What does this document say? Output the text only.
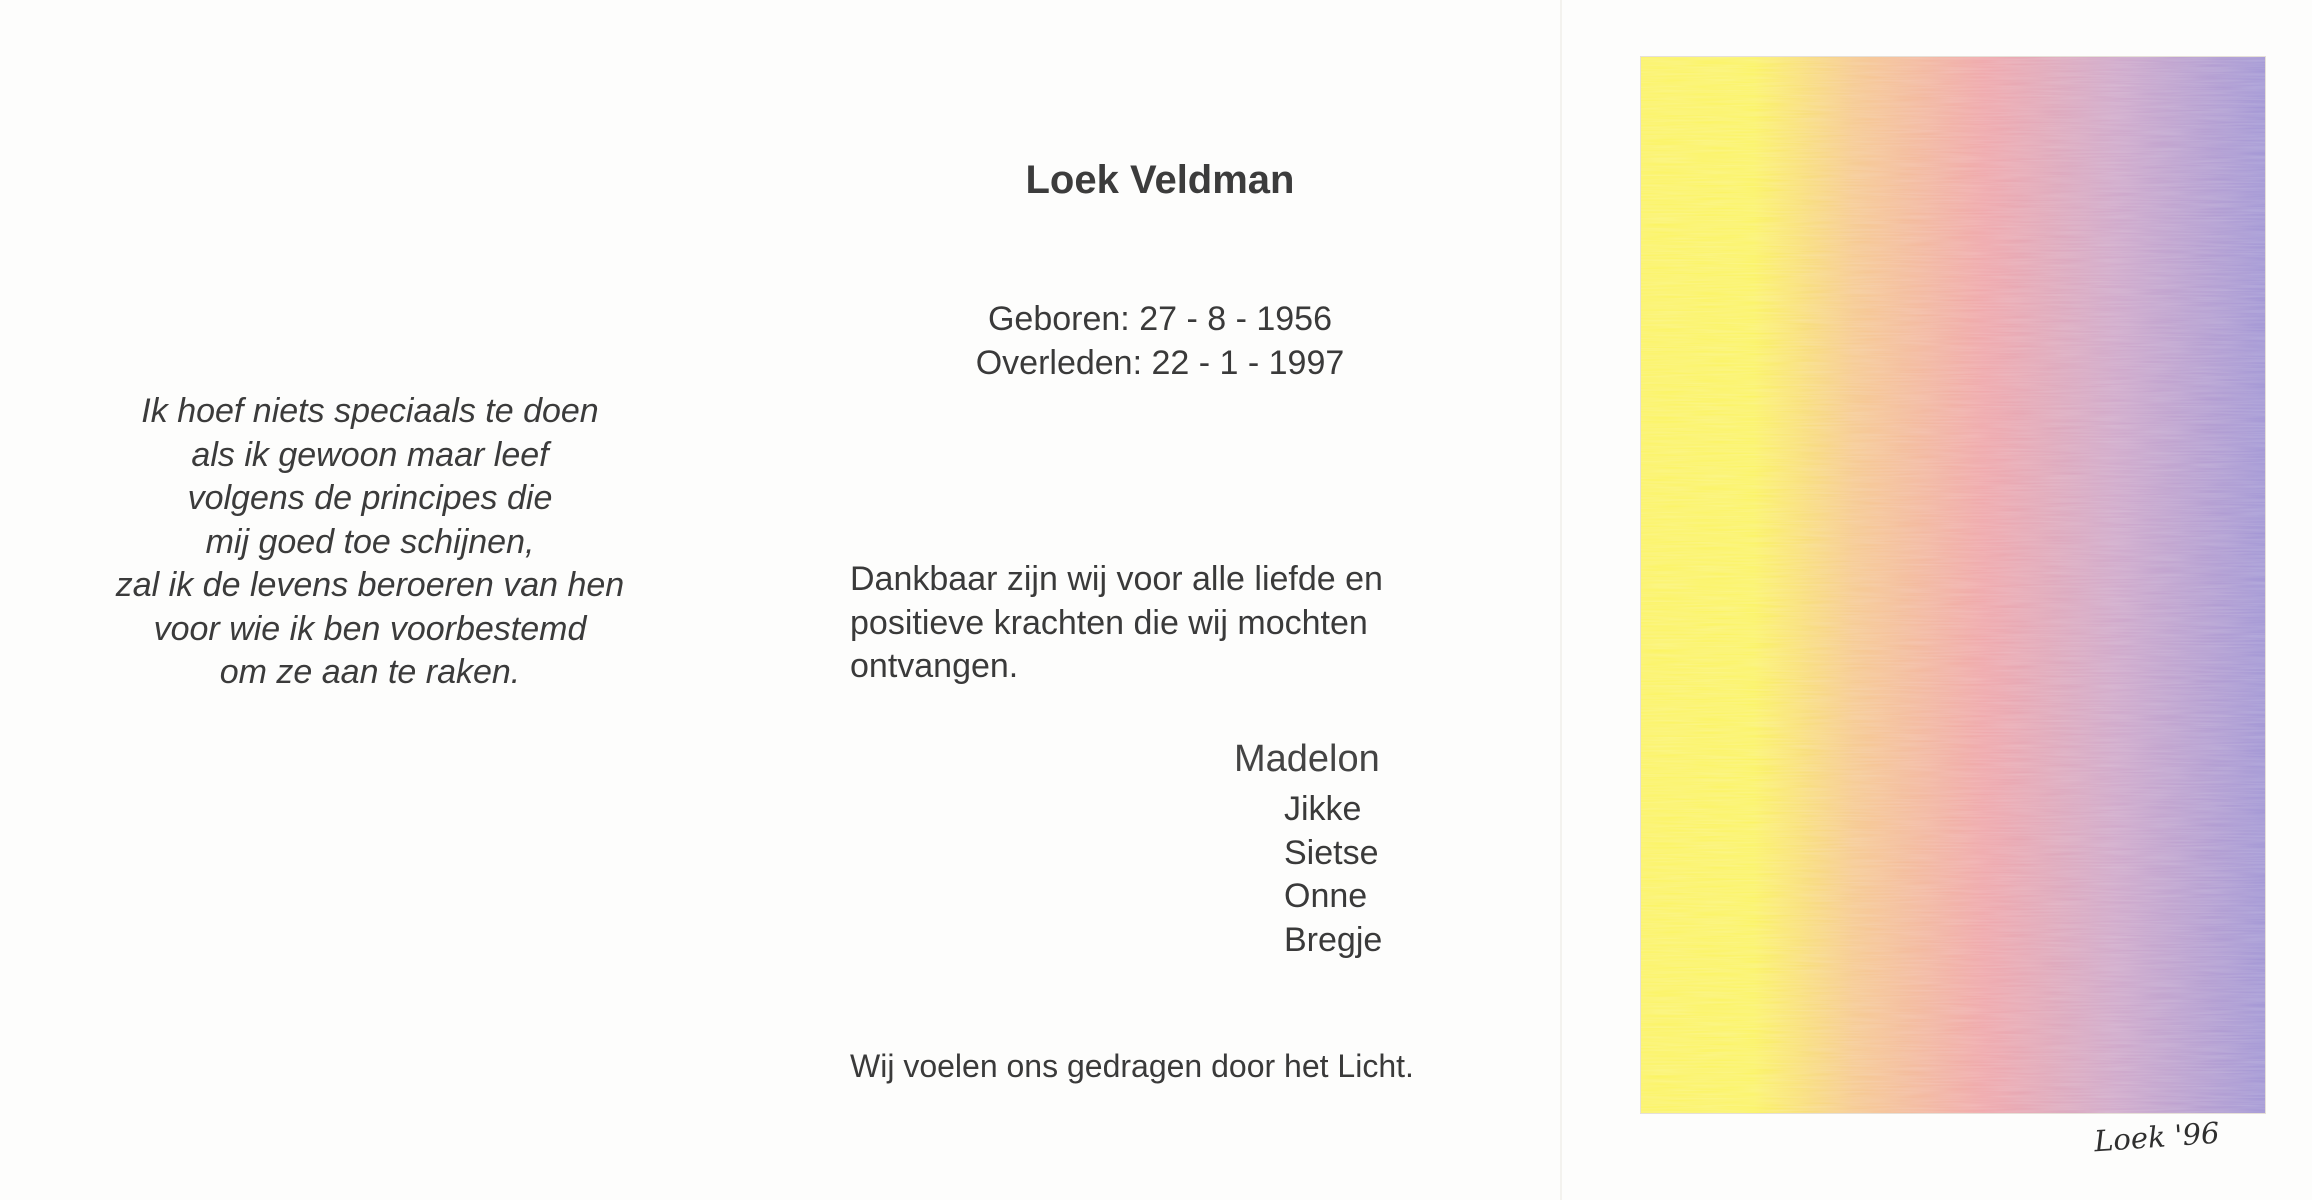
Ik hoef niets speciaals te doen
als ik gewoon maar leef
volgens de principes die
mij goed toe schijnen,
zal ik de levens beroeren van hen
voor wie ik ben voorbestemd
om ze aan te raken.
Loek Veldman
Geboren: 27 - 8 - 1956
Overleden: 22 - 1 - 1997
Dankbaar zijn wij voor alle liefde en
positieve krachten die wij mochten
ontvangen.
Madelon
Jikke
Sietse
Onne
Bregje
Wij voelen ons gedragen door het Licht.
Loek '96
